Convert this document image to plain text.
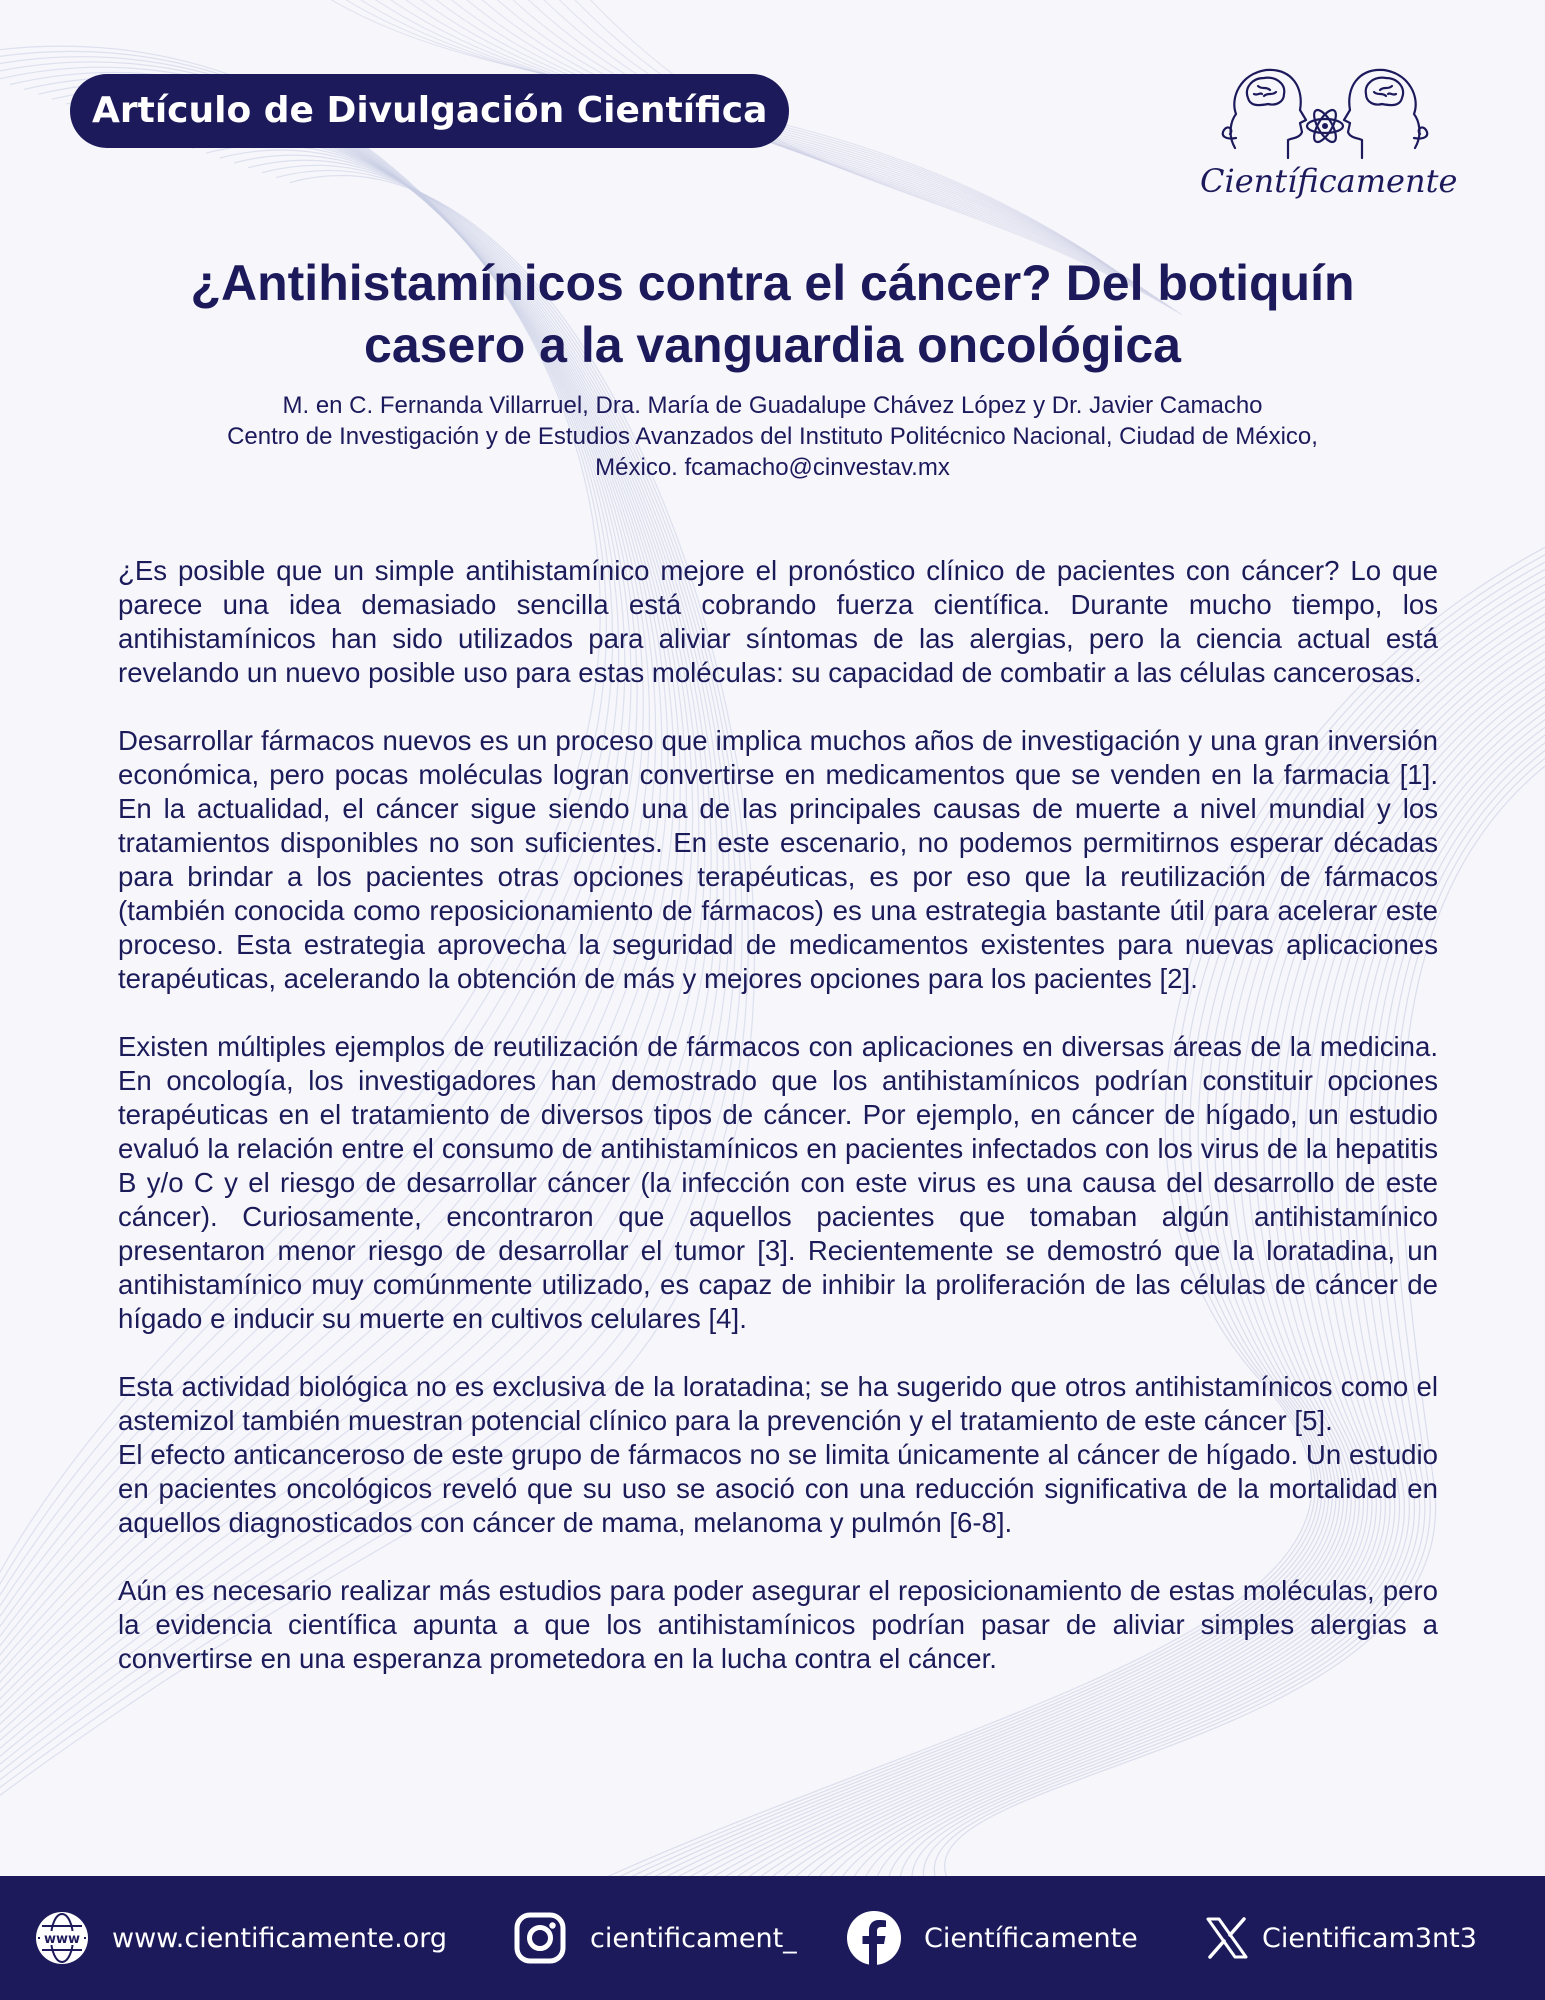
Artículo de Divulgación Científica
Científicamente
¿Antihistamínicos contra el cáncer? Del botiquín
casero a la vanguardia oncológica
M. en C. Fernanda Villarruel, Dra. María de Guadalupe Chávez López y Dr. Javier Camacho
Centro de Investigación y de Estudios Avanzados del Instituto Politécnico Nacional, Ciudad de México,
México. fcamacho@cinvestav.mx

¿Es posible que un simple antihistamínico mejore el pronóstico clínico de pacientes con cáncer? Lo que parece una idea demasiado sencilla está cobrando fuerza científica. Durante mucho tiempo, los antihistamínicos han sido utilizados para aliviar síntomas de las alergias, pero la ciencia actual está revelando un nuevo posible uso para estas moléculas: su capacidad de combatir a las células cancerosas.

Desarrollar fármacos nuevos es un proceso que implica muchos años de investigación y una gran inversión económica, pero pocas moléculas logran convertirse en medicamentos que se venden en la farmacia [1]. En la actualidad, el cáncer sigue siendo una de las principales causas de muerte a nivel mundial y los tratamientos disponibles no son suficientes. En este escenario, no podemos permitirnos esperar décadas para brindar a los pacientes otras opciones terapéuticas, es por eso que la reutilización de fármacos (también conocida como reposicionamiento de fármacos) es una estrategia bastante útil para acelerar este proceso. Esta estrategia aprovecha la seguridad de medicamentos existentes para nuevas aplicaciones terapéuticas, acelerando la obtención de más y mejores opciones para los pacientes [2].

Existen múltiples ejemplos de reutilización de fármacos con aplicaciones en diversas áreas de la medicina. En oncología, los investigadores han demostrado que los antihistamínicos podrían constituir opciones terapéuticas en el tratamiento de diversos tipos de cáncer. Por ejemplo, en cáncer de hígado, un estudio evaluó la relación entre el consumo de antihistamínicos en pacientes infectados con los virus de la hepatitis B y/o C y el riesgo de desarrollar cáncer (la infección con este virus es una causa del desarrollo de este cáncer). Curiosamente, encontraron que aquellos pacientes que tomaban algún antihistamínico presentaron menor riesgo de desarrollar el tumor [3]. Recientemente se demostró que la loratadina, un antihistamínico muy comúnmente utilizado, es capaz de inhibir la proliferación de las células de cáncer de hígado e inducir su muerte en cultivos celulares [4].

Esta actividad biológica no es exclusiva de la loratadina; se ha sugerido que otros antihistamínicos como el astemizol también muestran potencial clínico para la prevención y el tratamiento de este cáncer [5].

El efecto anticanceroso de este grupo de fármacos no se limita únicamente al cáncer de hígado. Un estudio en pacientes oncológicos reveló que su uso se asoció con una reducción significativa de la mortalidad en aquellos diagnosticados con cáncer de mama, melanoma y pulmón [6-8].

Aún es necesario realizar más estudios para poder asegurar el reposicionamiento de estas moléculas, pero la evidencia científica apunta a que los antihistamínicos podrían pasar de aliviar simples alergias a convertirse en una esperanza prometedora en la lucha contra el cáncer.

www www.cientificamente.org	cientificament_	Científicamente	Cientificam3nt3
